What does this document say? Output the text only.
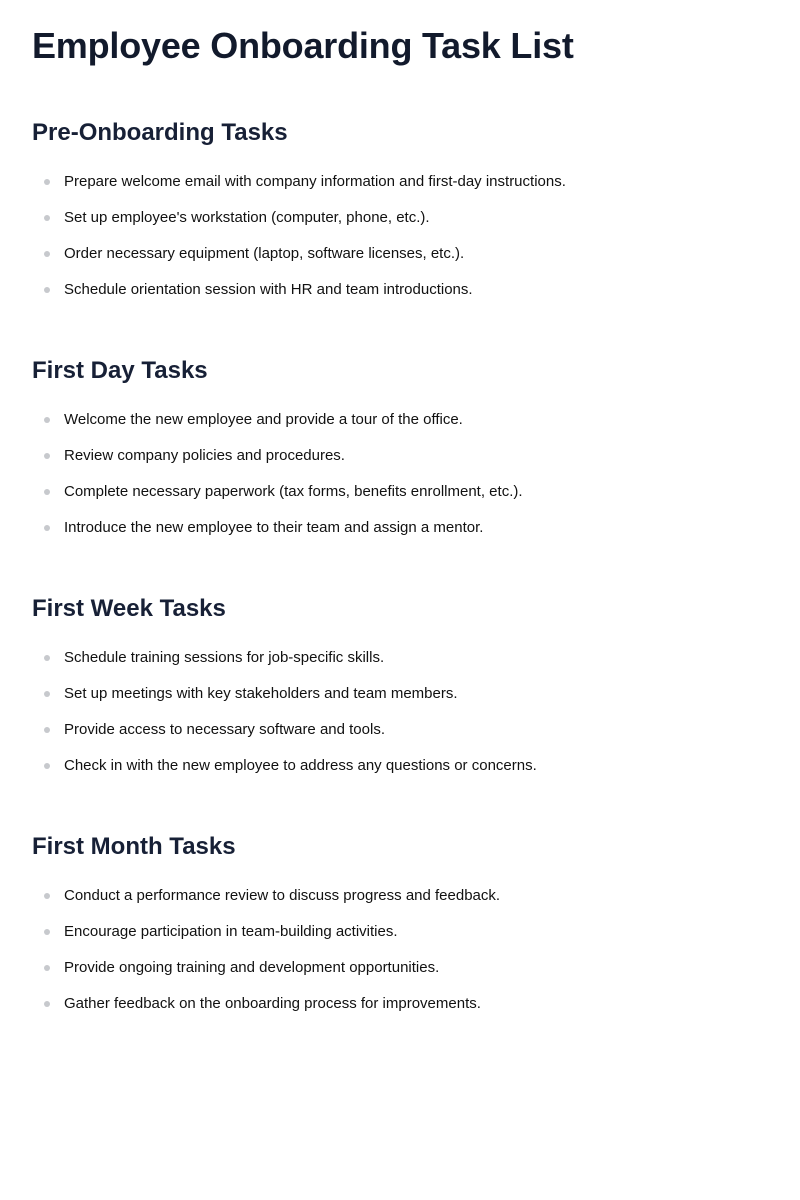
Employee Onboarding Task List
Pre-Onboarding Tasks
Prepare welcome email with company information and first-day instructions.
Set up employee's workstation (computer, phone, etc.).
Order necessary equipment (laptop, software licenses, etc.).
Schedule orientation session with HR and team introductions.
First Day Tasks
Welcome the new employee and provide a tour of the office.
Review company policies and procedures.
Complete necessary paperwork (tax forms, benefits enrollment, etc.).
Introduce the new employee to their team and assign a mentor.
First Week Tasks
Schedule training sessions for job-specific skills.
Set up meetings with key stakeholders and team members.
Provide access to necessary software and tools.
Check in with the new employee to address any questions or concerns.
First Month Tasks
Conduct a performance review to discuss progress and feedback.
Encourage participation in team-building activities.
Provide ongoing training and development opportunities.
Gather feedback on the onboarding process for improvements.
